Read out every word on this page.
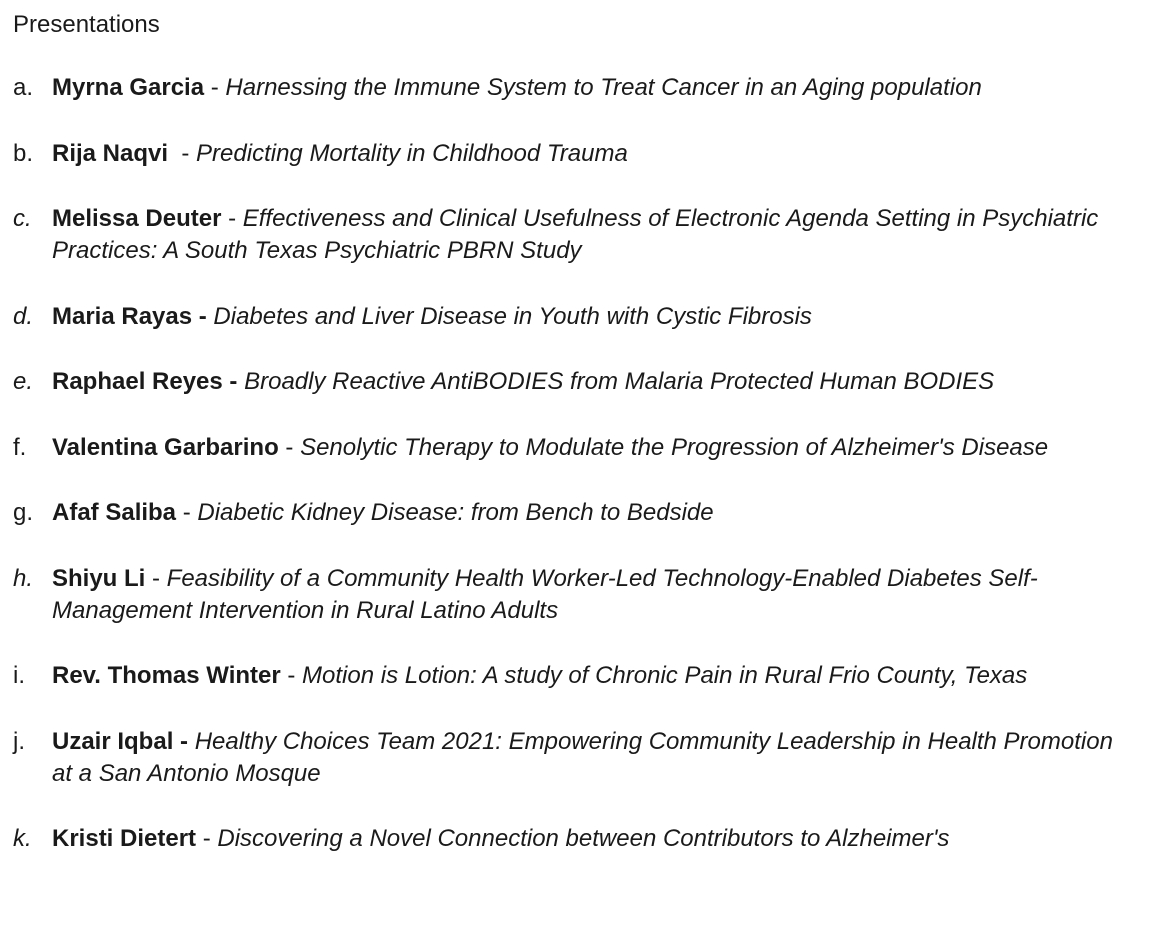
Presentations
a. Myrna Garcia - Harnessing the Immune System to Treat Cancer in an Aging population
b. Rija Naqvi  - Predicting Mortality in Childhood Trauma
c. Melissa Deuter - Effectiveness and Clinical Usefulness of Electronic Agenda Setting in Psychiatric Practices: A South Texas Psychiatric PBRN Study
d. Maria Rayas - Diabetes and Liver Disease in Youth with Cystic Fibrosis
e. Raphael Reyes - Broadly Reactive AntiBODIES from Malaria Protected Human BODIES
f.	Valentina Garbarino - Senolytic Therapy to Modulate the Progression of Alzheimer's Disease
g. Afaf Saliba - Diabetic Kidney Disease: from Bench to Bedside
h. Shiyu Li - Feasibility of a Community Health Worker-Led Technology-Enabled Diabetes Self-Management Intervention in Rural Latino Adults
i.	Rev. Thomas Winter - Motion is Lotion: A study of Chronic Pain in Rural Frio County, Texas
j.	Uzair Iqbal - Healthy Choices Team 2021: Empowering Community Leadership in Health Promotion at a San Antonio Mosque
k. Kristi Dietert - Discovering a Novel Connection between Contributors to Alzheimer's
